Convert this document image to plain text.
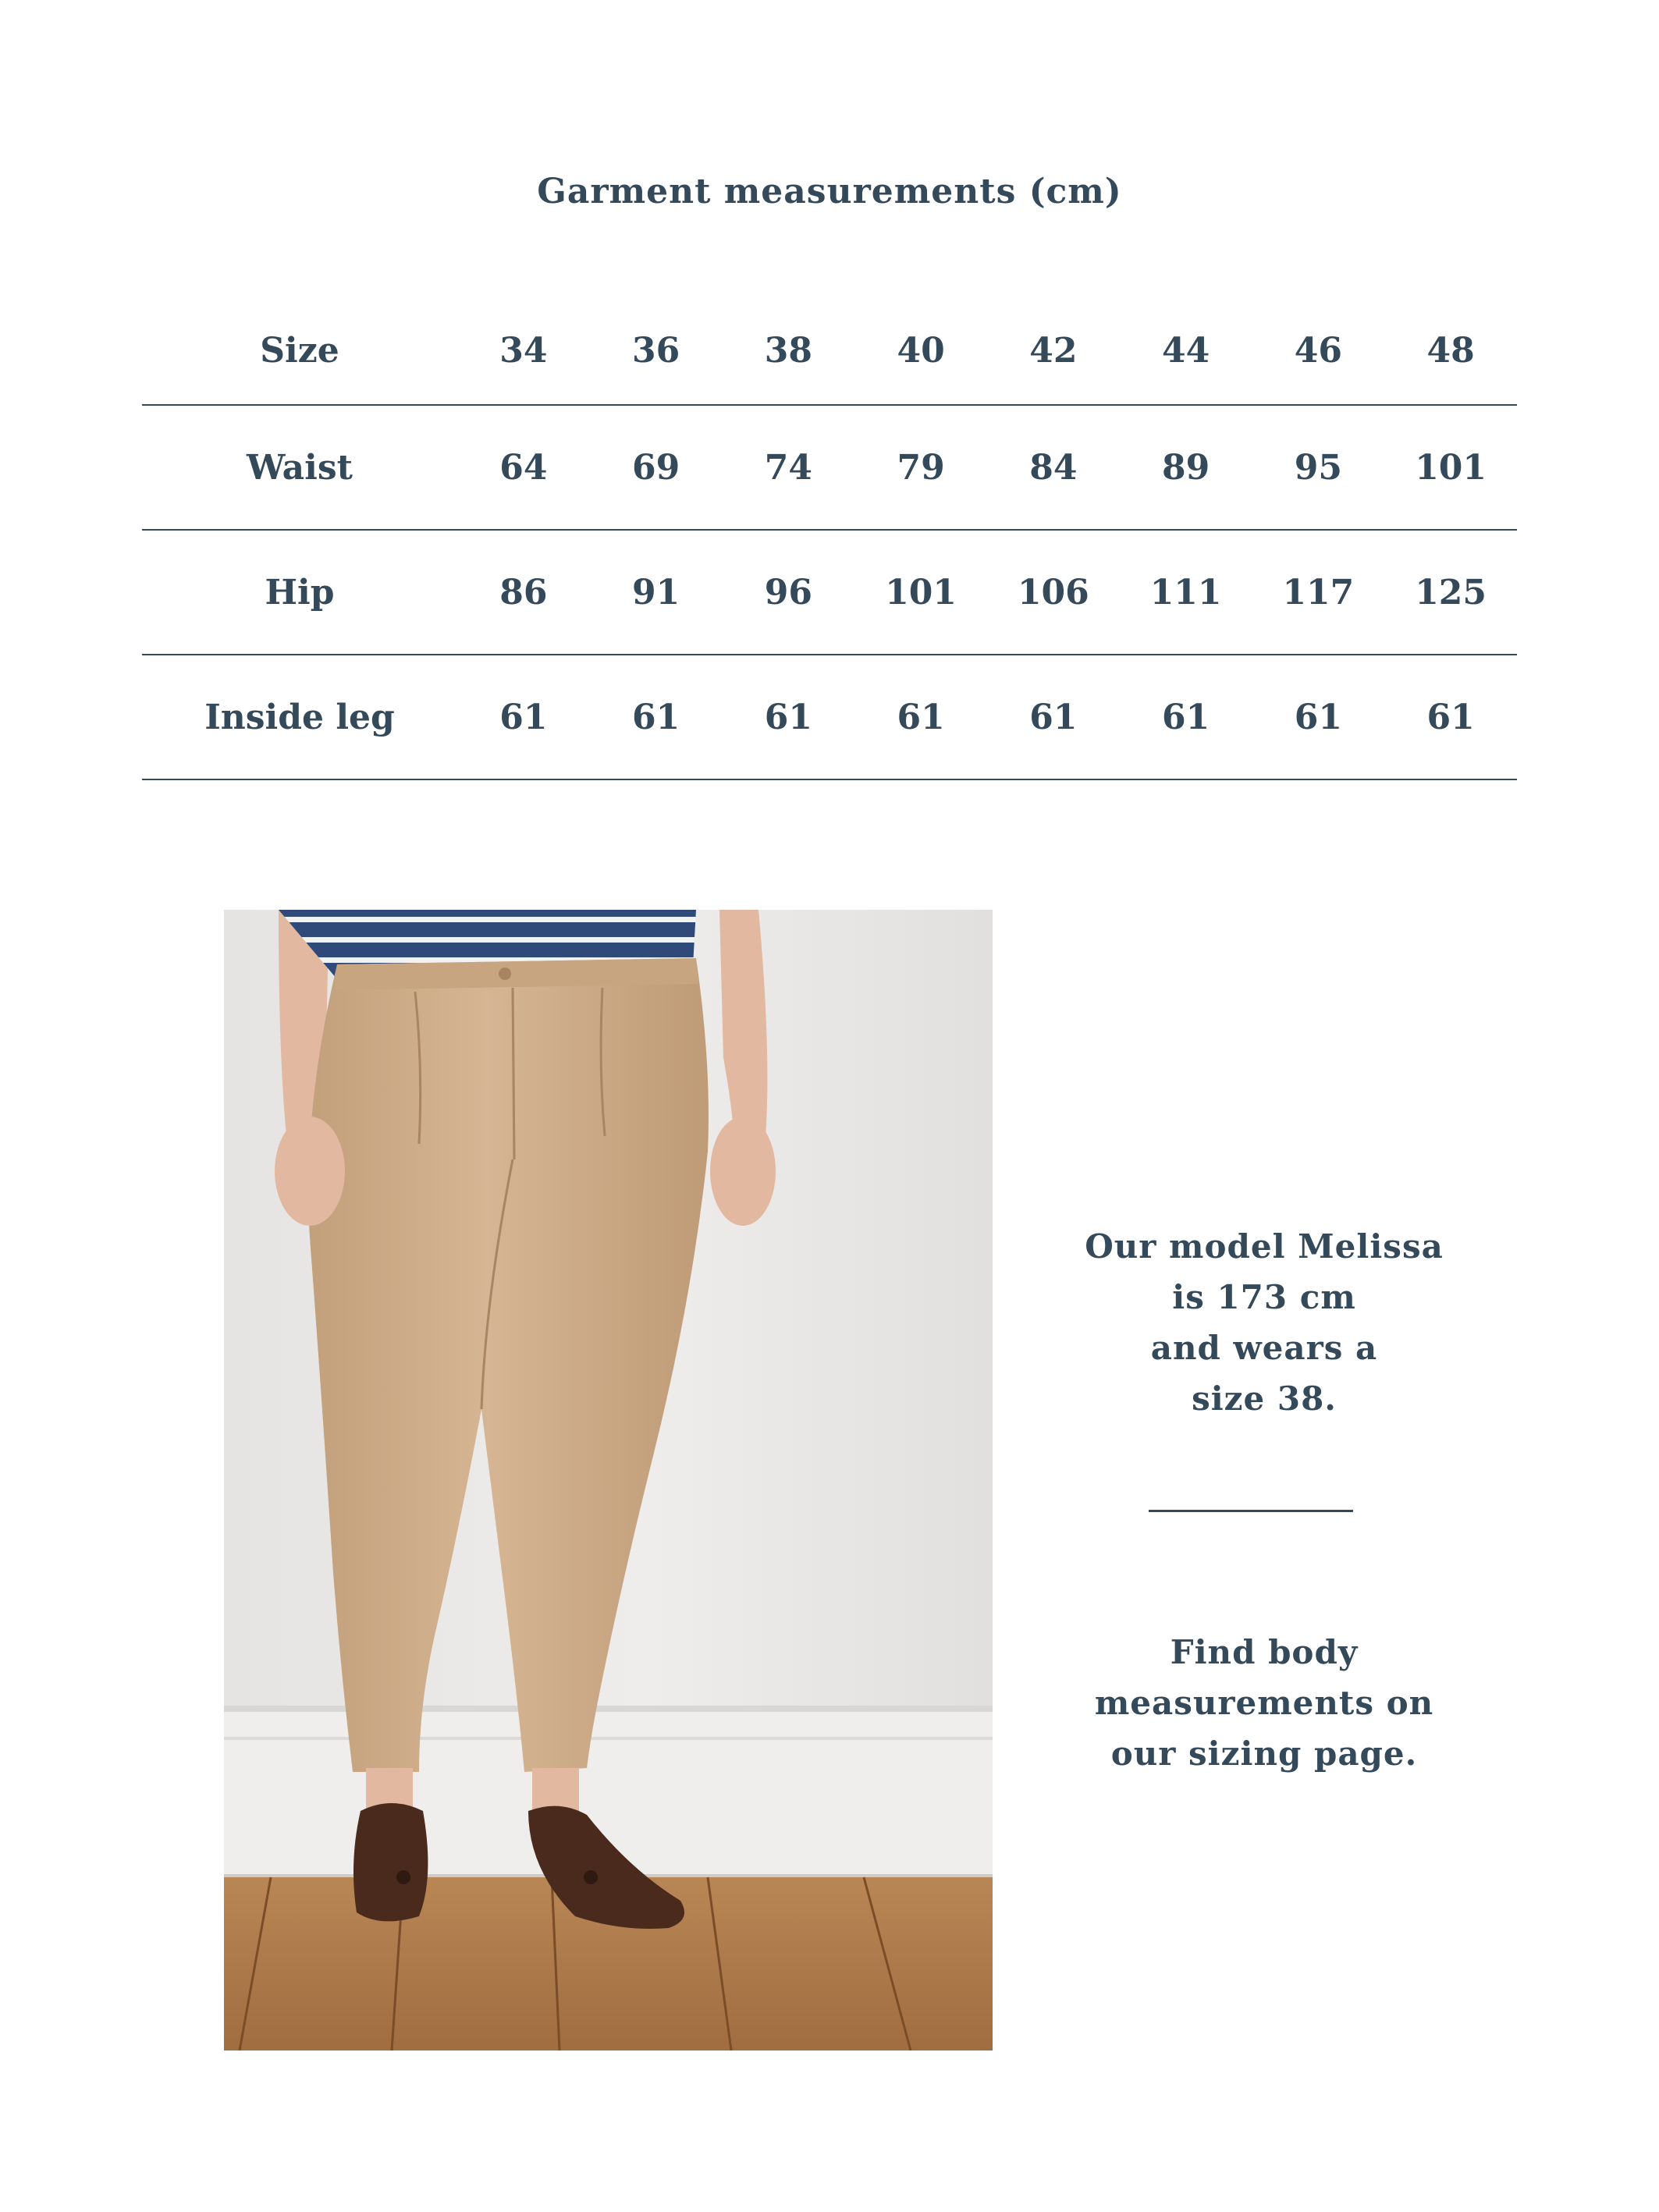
Garment measurements (cm)
Size	34	36	38	40	42	44	46	48
Waist	64	69	74	79	84	89	95	101
Hip	86	91	96	101	106	111	117	125
Inside leg	61	61	61	61	61	61	61	61
Our model Melissa
is 173 cm
and wears a
size 38.
Find body
measurements on
our sizing page.
